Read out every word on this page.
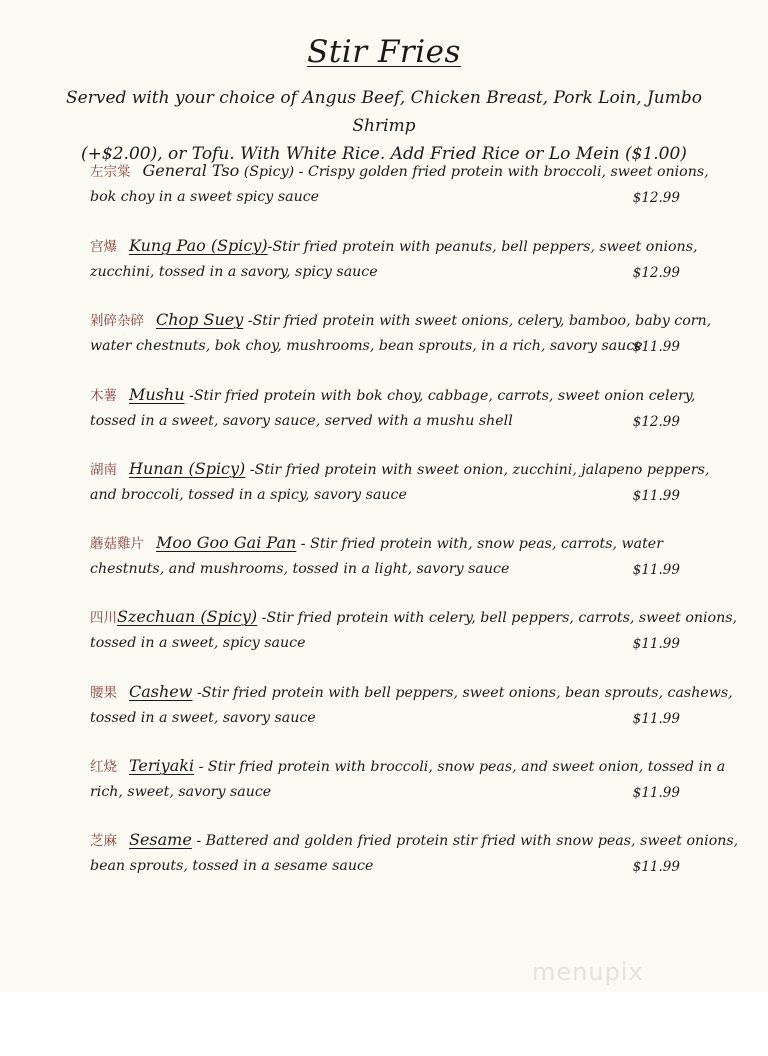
Stir Fries
Served with your choice of Angus Beef, Chicken Breast, Pork Loin, Jumbo Shrimp
(+$2.00), or Tofu. With White Rice. Add Fried Rice or Lo Mein ($1.00)
左宗棠 General Tso (Spicy) - Crispy golden fried protein with broccoli, sweet onions,
bok choy in a sweet spicy sauce	$12.99
宫爆 Kung Pao (Spicy)-Stir fried protein with peanuts, bell peppers, sweet onions,
zucchini, tossed in a savory, spicy sauce	$12.99
剁碎杂碎 Chop Suey -Stir fried protein with sweet onions, celery, bamboo, baby corn,
water chestnuts, bok choy, mushrooms, bean sprouts, in a rich, savory sauce
$11.99
木薯 Mushu -Stir fried protein with bok choy, cabbage, carrots, sweet onion celery,
tossed in a sweet, savory sauce, served with a mushu shell	$12.99
湖南 Hunan (Spicy) -Stir fried protein with sweet onion, zucchini, jalapeno peppers,
and broccoli, tossed in a spicy, savory sauce	$11.99
蘑菇雞片 Moo Goo Gai Pan - Stir fried protein with, snow peas, carrots, water
chestnuts, and mushrooms, tossed in a light, savory sauce	$11.99
四川Szechuan (Spicy) -Stir fried protein with celery, bell peppers, carrots, sweet onions,
tossed in a sweet, spicy sauce	$11.99
腰果 Cashew -Stir fried protein with bell peppers, sweet onions, bean sprouts, cashews,
tossed in a sweet, savory sauce	$11.99
红烧 Teriyaki - Stir fried protein with broccoli, snow peas, and sweet onion, tossed in a
rich, sweet, savory sauce	$11.99
芝麻 Sesame - Battered and golden fried protein stir fried with snow peas, sweet onions,
bean sprouts, tossed in a sesame sauce	$11.99
menupix
